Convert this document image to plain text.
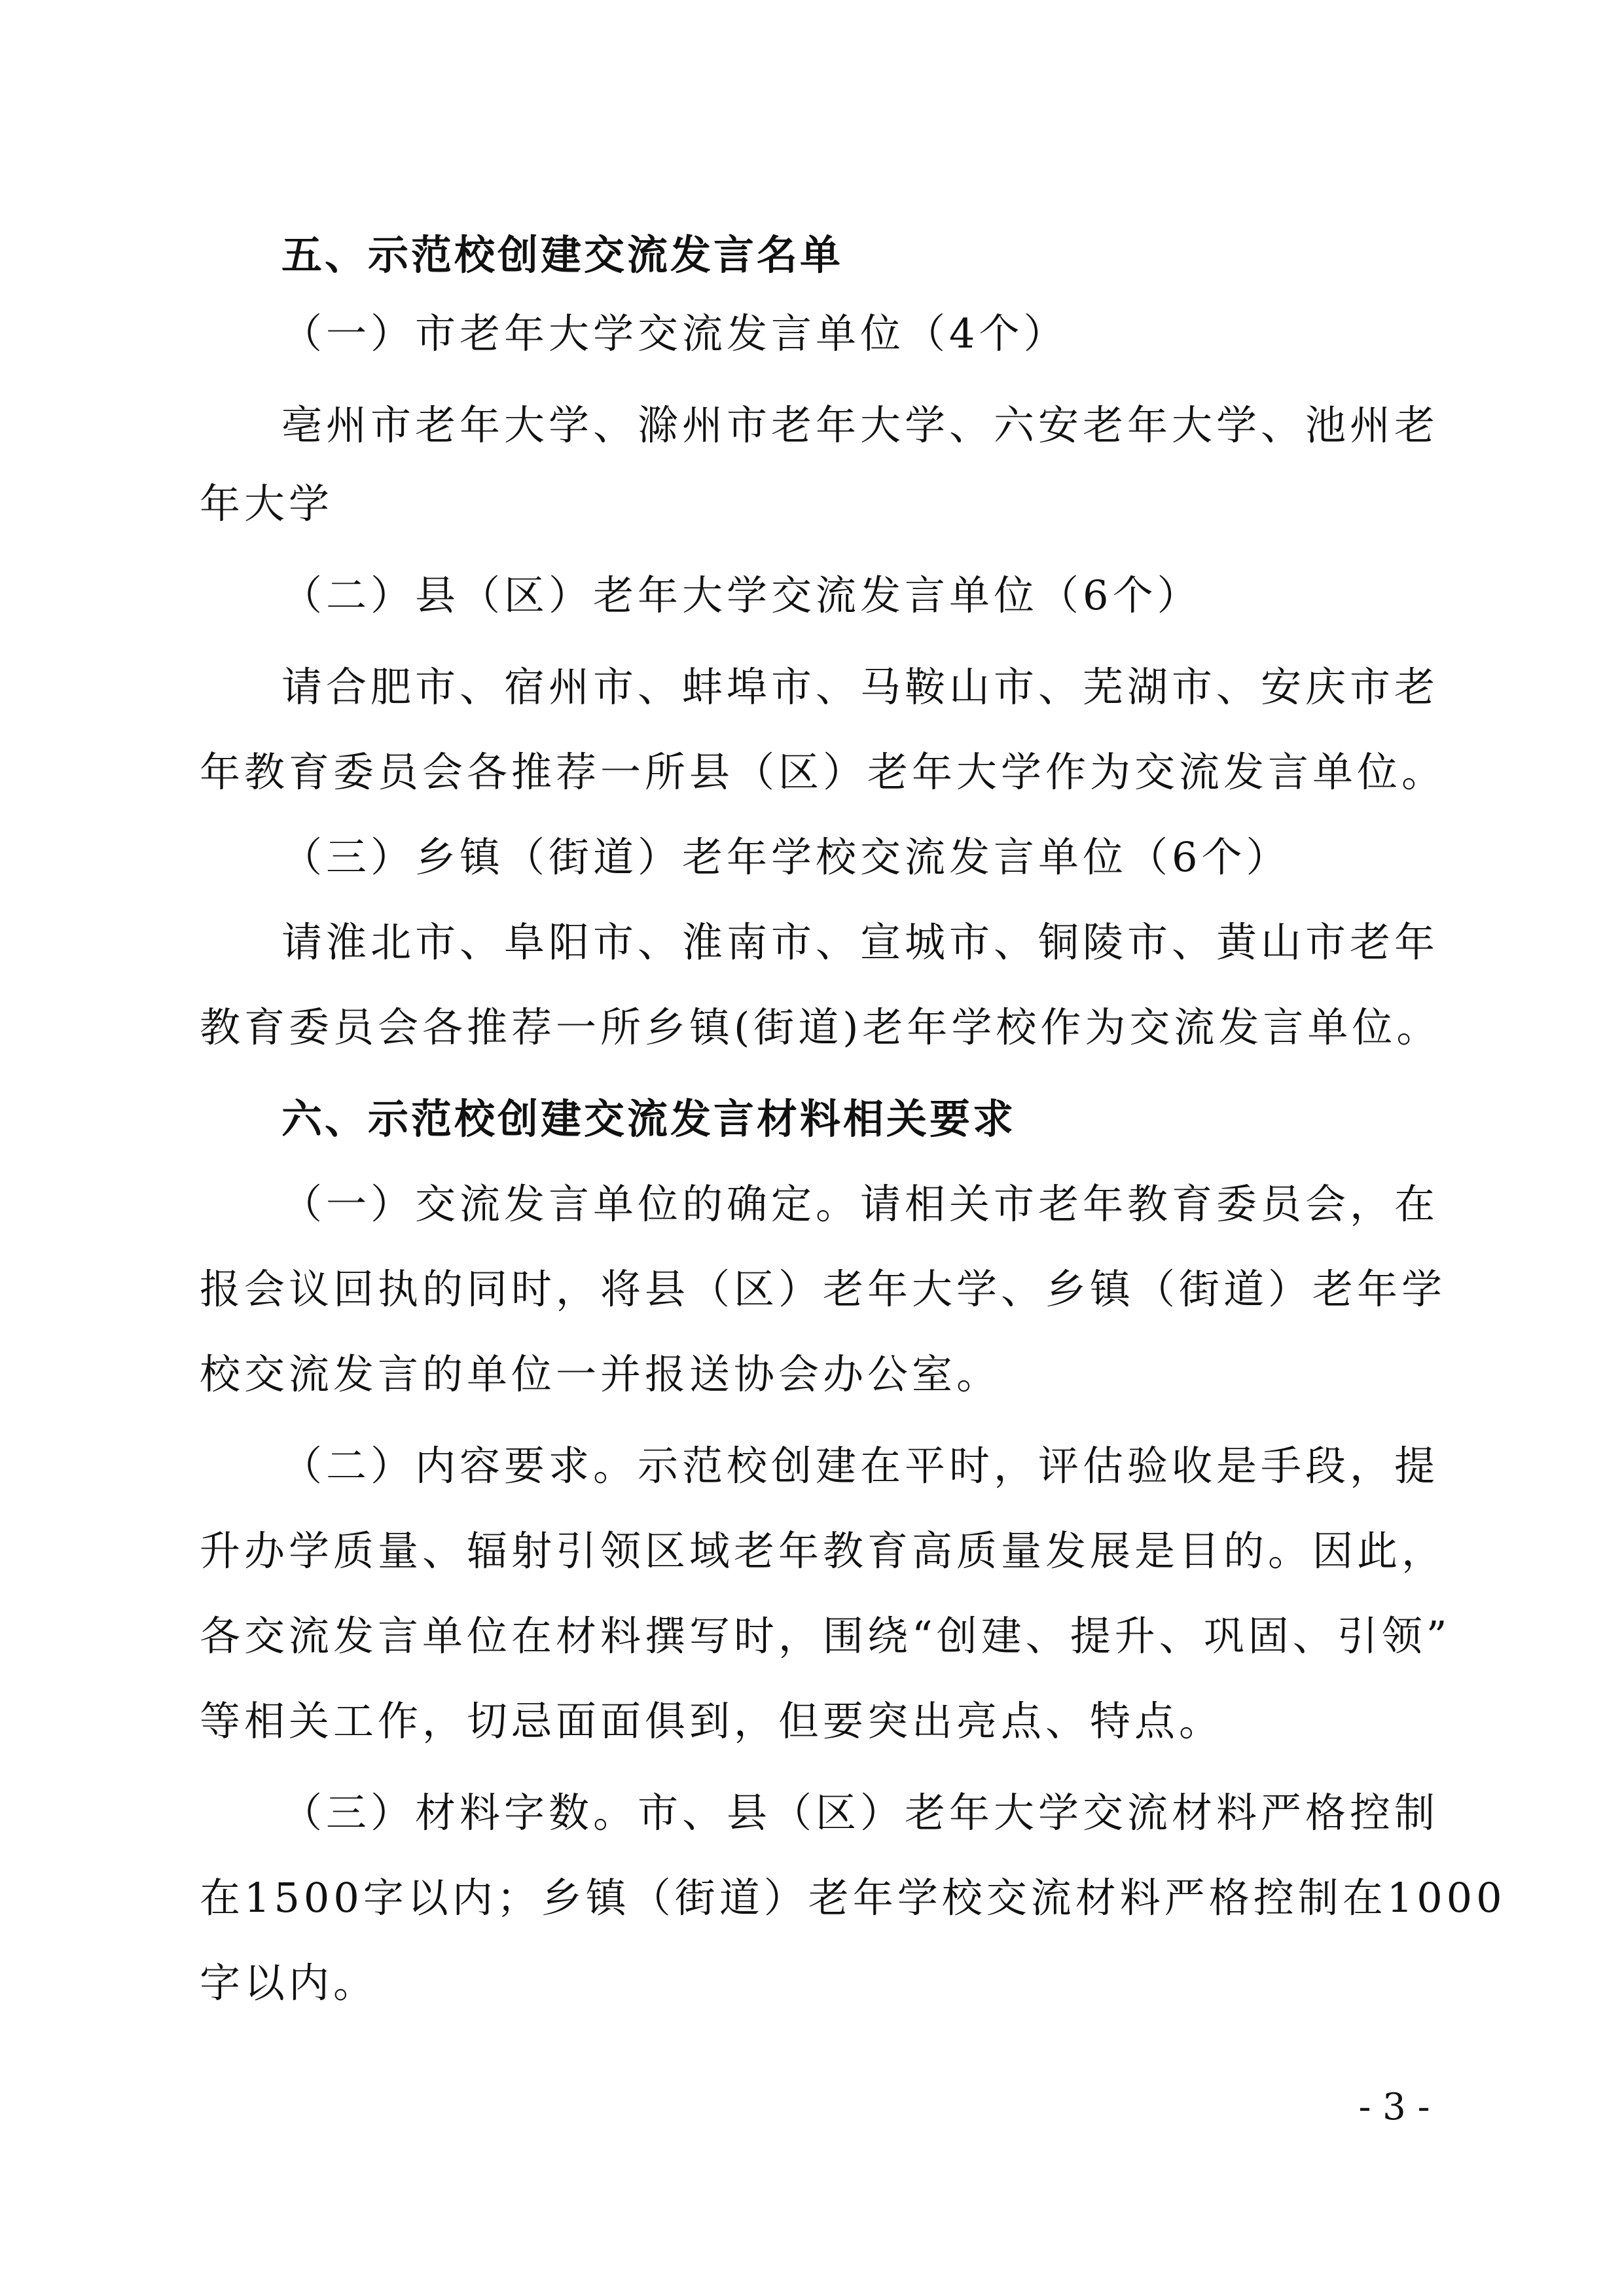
五、示范校创建交流发言名单
（一）市老年大学交流发言单位（4个）
亳州市老年大学、滁州市老年大学、六安老年大学、池州老
年大学
（二）县（区）老年大学交流发言单位（6个）
请合肥市、宿州市、蚌埠市、马鞍山市、芜湖市、安庆市老
年教育委员会各推荐一所县（区）老年大学作为交流发言单位。
（三）乡镇（街道）老年学校交流发言单位（6个）
请淮北市、阜阳市、淮南市、宣城市、铜陵市、黄山市老年
教育委员会各推荐一所乡镇(街道)老年学校作为交流发言单位。
六、示范校创建交流发言材料相关要求
（一）交流发言单位的确定。请相关市老年教育委员会，在
报会议回执的同时，将县（区）老年大学、乡镇（街道）老年学
校交流发言的单位一并报送协会办公室。
（二）内容要求。示范校创建在平时，评估验收是手段，提
升办学质量、辐射引领区域老年教育高质量发展是目的。因此，
各交流发言单位在材料撰写时，围绕“创建、提升、巩固、引领”
等相关工作，切忌面面俱到，但要突出亮点、特点。
（三）材料字数。市、县（区）老年大学交流材料严格控制
在1500字以内；乡镇（街道）老年学校交流材料严格控制在1000
字以内。
- 3 -
